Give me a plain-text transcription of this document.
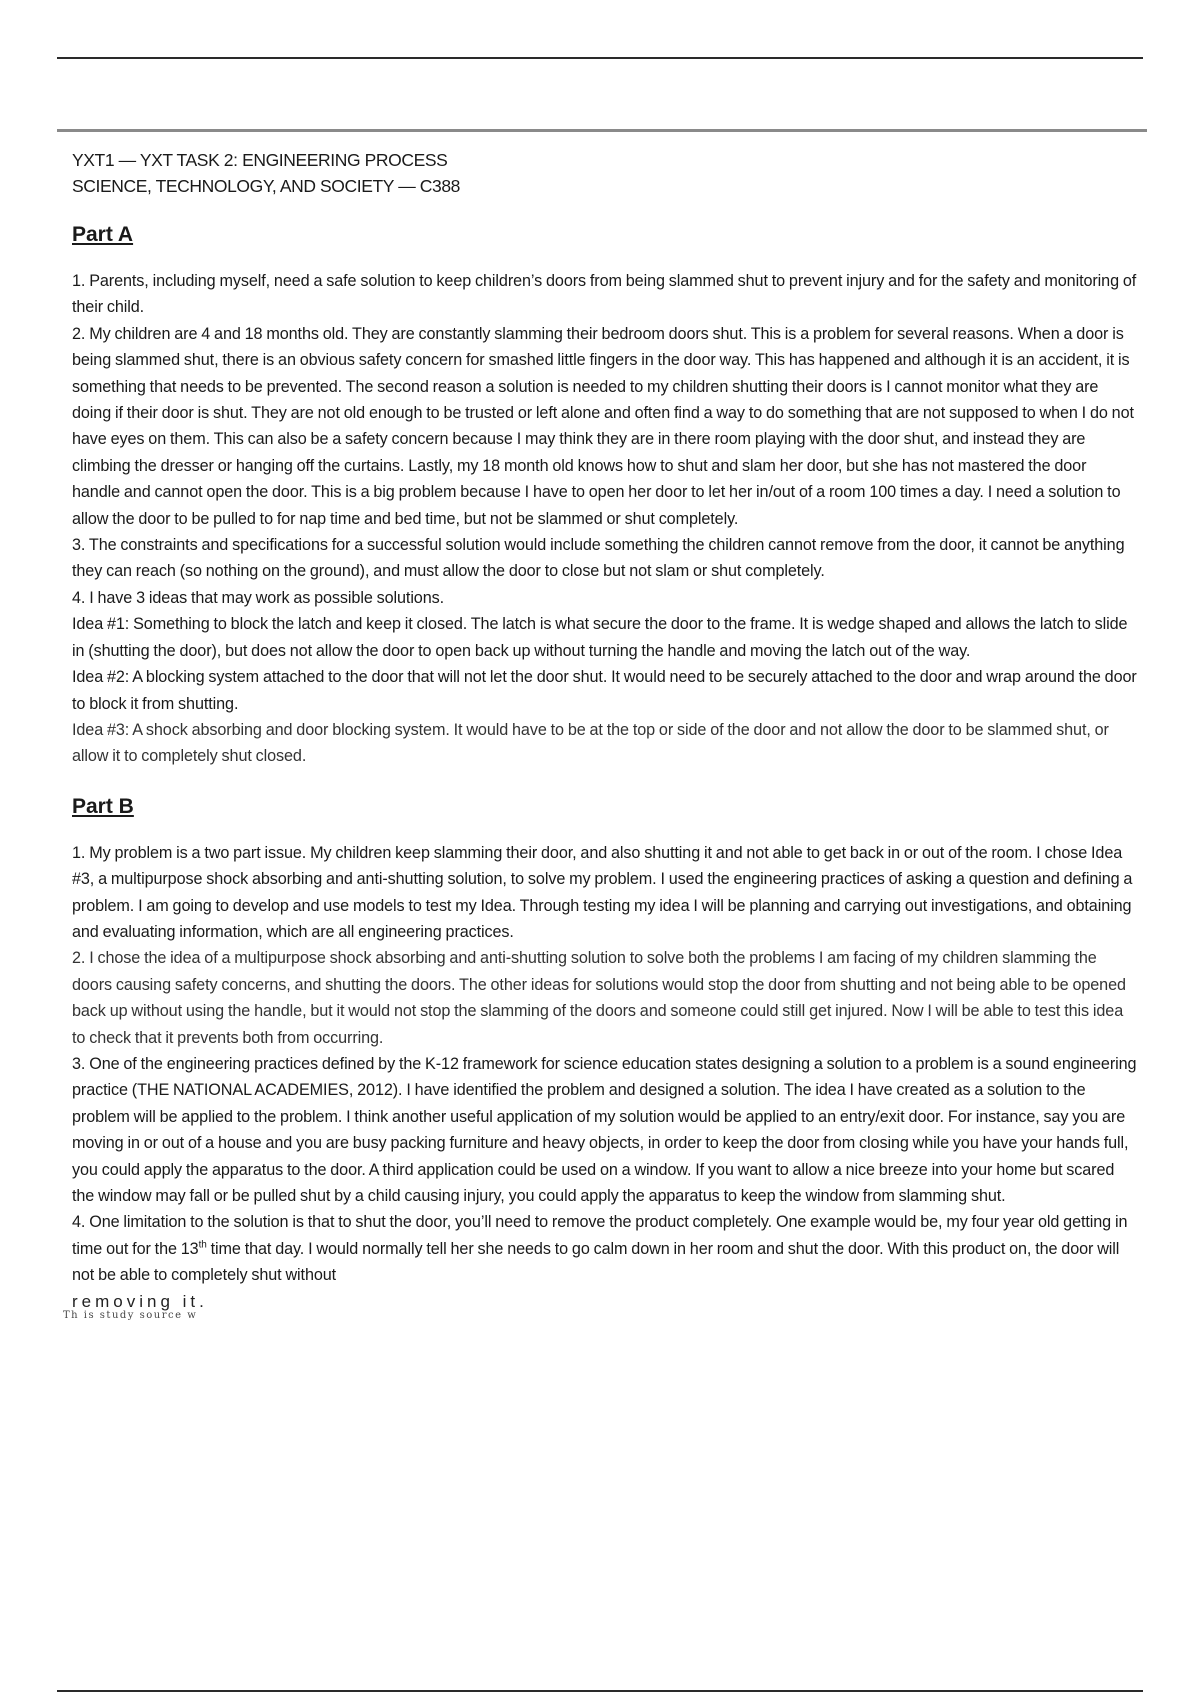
YXT1 — YXT TASK 2: ENGINEERING PROCESS
SCIENCE, TECHNOLOGY, AND SOCIETY — C388
Part A

1. Parents, including myself, need a safe solution to keep children’s doors from being slammed shut to prevent injury and for the safety and monitoring of their child.

2. My children are 4 and 18 months old. They are constantly slamming their bedroom doors shut. This is a problem for several reasons. When a door is being slammed shut, there is an obvious safety concern for smashed little fingers in the door way. This has happened and although it is an accident, it is something that needs to be prevented. The second reason a solution is needed to my children shutting their doors is I cannot monitor what they are doing if their door is shut. They are not old enough to be trusted or left alone and often find a way to do something that are not supposed to when I do not have eyes on them. This can also be a safety concern because I may think they are in there room playing with the door shut, and instead they are climbing the dresser or hanging off the curtains. Lastly, my 18 month old knows how to shut and slam her door, but she has not mastered the door handle and cannot open the door. This is a big problem because I have to open her door to let her in/out of a room 100 times a day. I need a solution to allow the door to be pulled to for nap time and bed time, but not be slammed or shut completely.

3. The constraints and specifications for a successful solution would include something the children cannot remove from the door, it cannot be anything they can reach (so nothing on the ground), and must allow the door to close but not slam or shut completely.

4. I have 3 ideas that may work as possible solutions.

Idea #1: Something to block the latch and keep it closed. The latch is what secure the door to the frame. It is wedge shaped and allows the latch to slide in (shutting the door), but does not allow the door to open back up without turning the handle and moving the latch out of the way.

Idea #2: A blocking system attached to the door that will not let the door shut. It would need to be securely attached to the door and wrap around the door to block it from shutting.

Idea #3: A shock absorbing and door blocking system. It would have to be at the top or side of the door and not allow the door to be slammed shut, or allow it to completely shut closed.

Part B

1. My problem is a two part issue. My children keep slamming their door, and also shutting it and not able to get back in or out of the room. I chose Idea #3, a multipurpose shock absorbing and anti-shutting solution, to solve my problem. I used the engineering practices of asking a question and defining a problem. I am going to develop and use models to test my Idea. Through testing my idea I will be planning and carrying out investigations, and obtaining and evaluating information, which are all engineering practices.

2. I chose the idea of a multipurpose shock absorbing and anti-shutting solution to solve both the problems I am facing of my children slamming the doors causing safety concerns, and shutting the doors. The other ideas for solutions would stop the door from shutting and not being able to be opened back up without using the handle, but it would not stop the slamming of the doors and someone could still get injured. Now I will be able to test this idea to check that it prevents both from occurring.

3. One of the engineering practices defined by the K-12 framework for science education states designing a solution to a problem is a sound engineering practice (THE NATIONAL ACADEMIES, 2012). I have identified the problem and designed a solution. The idea I have created as a solution to the problem will be applied to the problem. I think another useful application of my solution would be applied to an entry/exit door. For instance, say you are moving in or out of a house and you are busy packing furniture and heavy objects, in order to keep the door from closing while you have your hands full, you could apply the apparatus to the door. A third application could be used on a window. If you want to allow a nice breeze into your home but scared the window may fall or be pulled shut by a child causing injury, you could apply the apparatus to keep the window from slamming shut.

4. One limitation to the solution is that to shut the door, you’ll need to remove the product completely. One example would be, my four year old getting in time out for the 13th time that day. I would normally tell her she needs to go calm down in her room and shut the door. With this product on, the door will not be able to completely shut without

removing it.
Th is study source w
